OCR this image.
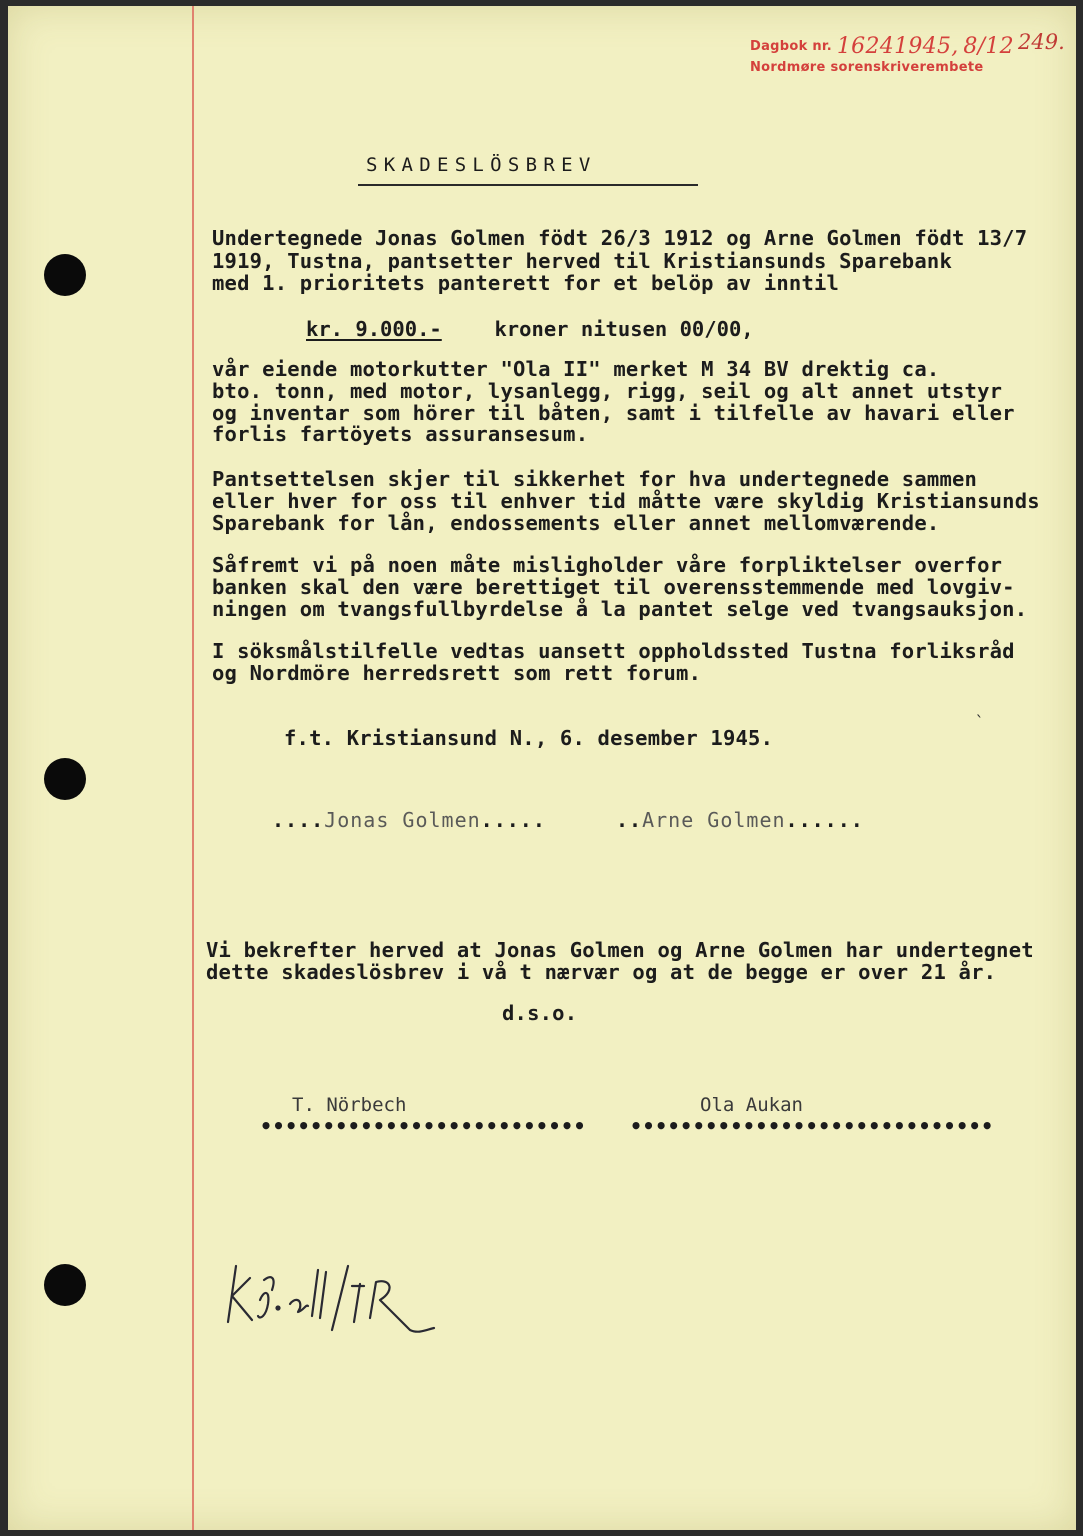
Dagbok nr. 16241945, 8/12
Nordmøre sorenskriverembete
249.
SKADESLÖSBREV
Undertegnede Jonas Golmen födt 26/3 1912 og Arne Golmen födt 13/7
1919, Tustna, pantsetter herved til Kristiansunds Sparebank
med 1. prioritets panterett for et belöp av inntil
kr. 9.000.-	kroner nitusen 00/00,
vår eiende motorkutter "Ola II" merket M 34 BV drektig ca.
bto. tonn, med motor, lysanlegg, rigg, seil og alt annet utstyr
og inventar som hörer til båten, samt i tilfelle av havari eller
forlis fartöyets assuransesum.
Pantsettelsen skjer til sikkerhet for hva undertegnede sammen
eller hver for oss til enhver tid måtte være skyldig Kristiansunds
Sparebank for lån, endossements eller annet mellomværende.
Såfremt vi på noen måte misligholder våre forpliktelser overfor
banken skal den være berettiget til overensstemmende med lovgiv-
ningen om tvangsfullbyrdelse å la pantet selge ved tvangsauksjon.
I söksmålstilfelle vedtas uansett oppholdssted Tustna forliksråd
og Nordmöre herredsrett som rett forum.
f.t. Kristiansund N., 6. desember 1945.
....Jonas Golmen.....	..Arne Golmen......
Vi bekrefter herved at Jonas Golmen og Arne Golmen har undertegnet
dette skadeslösbrev i vå t nærvær og at de begge er over 21 år.
d.s.o.
T. Nörbech	Ola Aukan
•••••••••••••••••••••••••• •••••••••••••••••••••••••••••
ˎ
